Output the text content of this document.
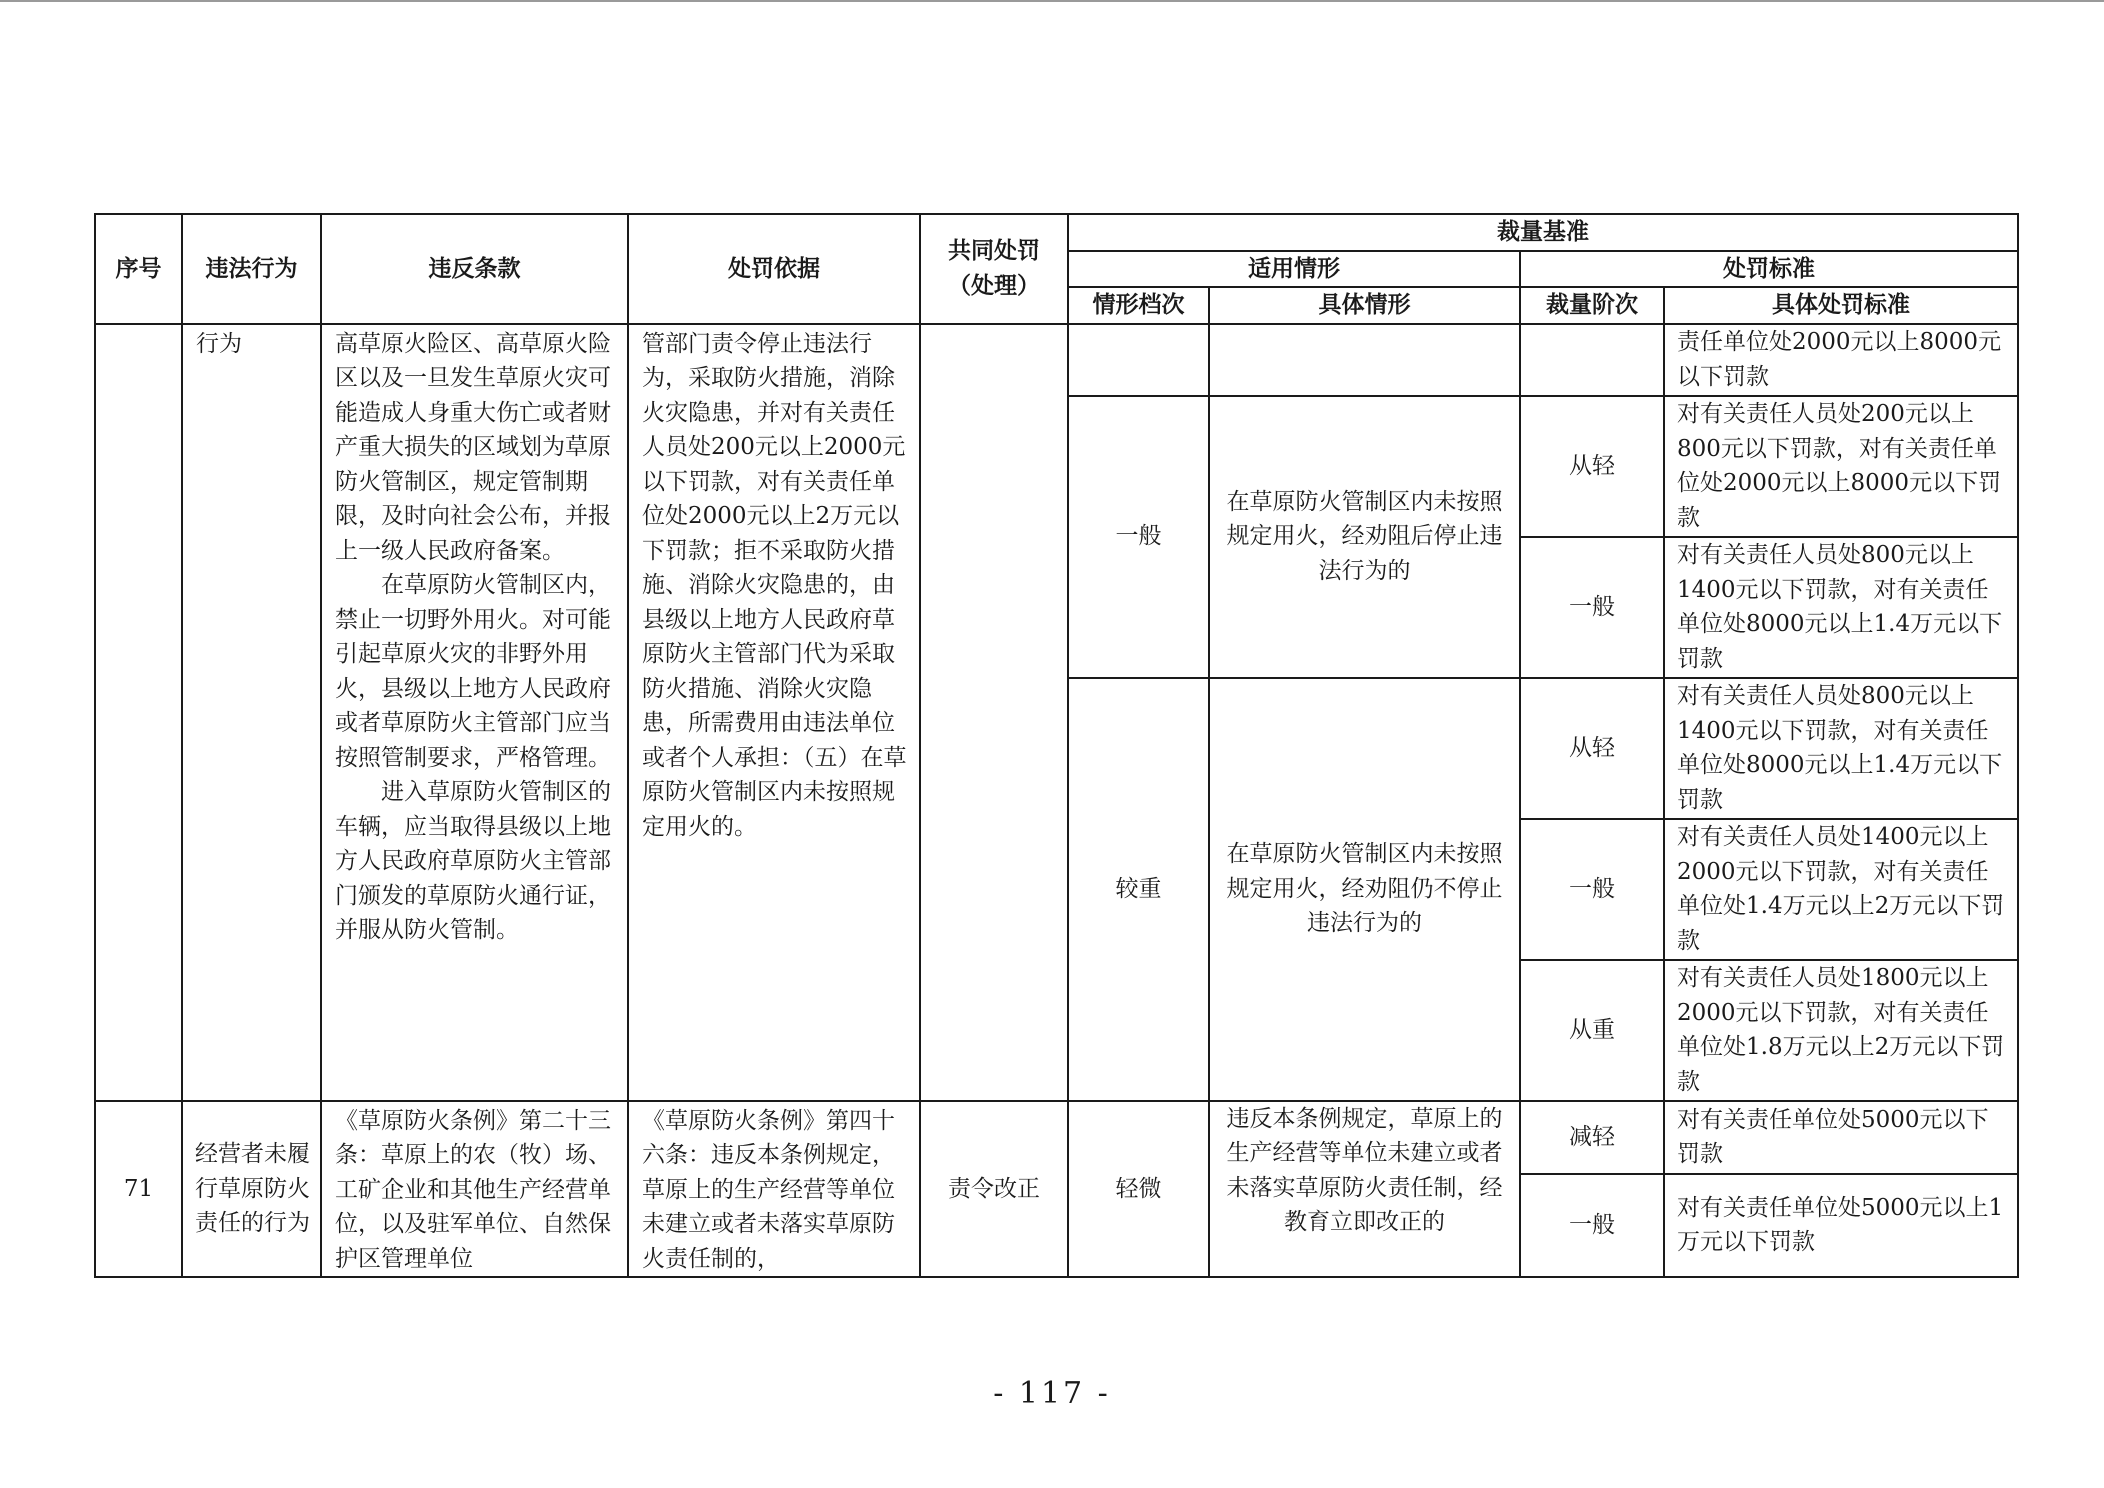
序号	违法行为	违反条款	处罚依据	共同处罚
（处理）	裁量基准			
					适用情形		处罚标准	
					情形档次	具体情形	裁量阶次	具体处罚标准
	行为	高草原火险区、高草原火险区以及一旦发生草原火灾可能造成人身重大伤亡或者财产重大损失的区域划为草原防火管制区，规定管制期限，及时向社会公布，并报上一级人民政府备案。
在草原防火管制区内，禁止一切野外用火。对可能引起草原火灾的非野外用火，县级以上地方人民政府或者草原防火主管部门应当按照管制要求，严格管理。
进入草原防火管制区的车辆，应当取得县级以上地方人民政府草原防火主管部门颁发的草原防火通行证，并服从防火管制。	管部门责令停止违法行为，采取防火措施，消除火灾隐患，并对有关责任人员处200元以上2000元以下罚款，对有关责任单位处2000元以上2万元以下罚款；拒不采取防火措施、消除火灾隐患的，由县级以上地方人民政府草原防火主管部门代为采取防火措施、消除火灾隐患，所需费用由违法单位或者个人承担：（五）在草原防火管制区内未按照规定用火的。					责任单位处2000元以上8000元以下罚款
					一般	在草原防火管制区内未按照规定用火，经劝阻后停止违法行为的	从轻	对有关责任人员处200元以上800元以下罚款，对有关责任单位处2000元以上8000元以下罚款
							一般	对有关责任人员处800元以上1400元以下罚款，对有关责任单位处8000元以上1.4万元以下罚款
					较重	在草原防火管制区内未按照规定用火，经劝阻仍不停止违法行为的	从轻	对有关责任人员处800元以上1400元以下罚款，对有关责任单位处8000元以上1.4万元以下罚款
							一般	对有关责任人员处1400元以上2000元以下罚款，对有关责任单位处1.4万元以上2万元以下罚款
							从重	对有关责任人员处1800元以上2000元以下罚款，对有关责任单位处1.8万元以上2万元以下罚款
71	经营者未履行草原防火责任的行为	《草原防火条例》第二十三条：草原上的农（牧）场、工矿企业和其他生产经营单位，以及驻军单位、自然保护区管理单位	《草原防火条例》第四十六条：违反本条例规定，草原上的生产经营等单位未建立或者未落实草原防火责任制的，	责令改正	轻微	违反本条例规定，草原上的生产经营等单位未建立或者未落实草原防火责任制，经教育立即改正的	减轻	对有关责任单位处5000元以下罚款
							一般	对有关责任单位处5000元以上1万元以下罚款
- 117 -
